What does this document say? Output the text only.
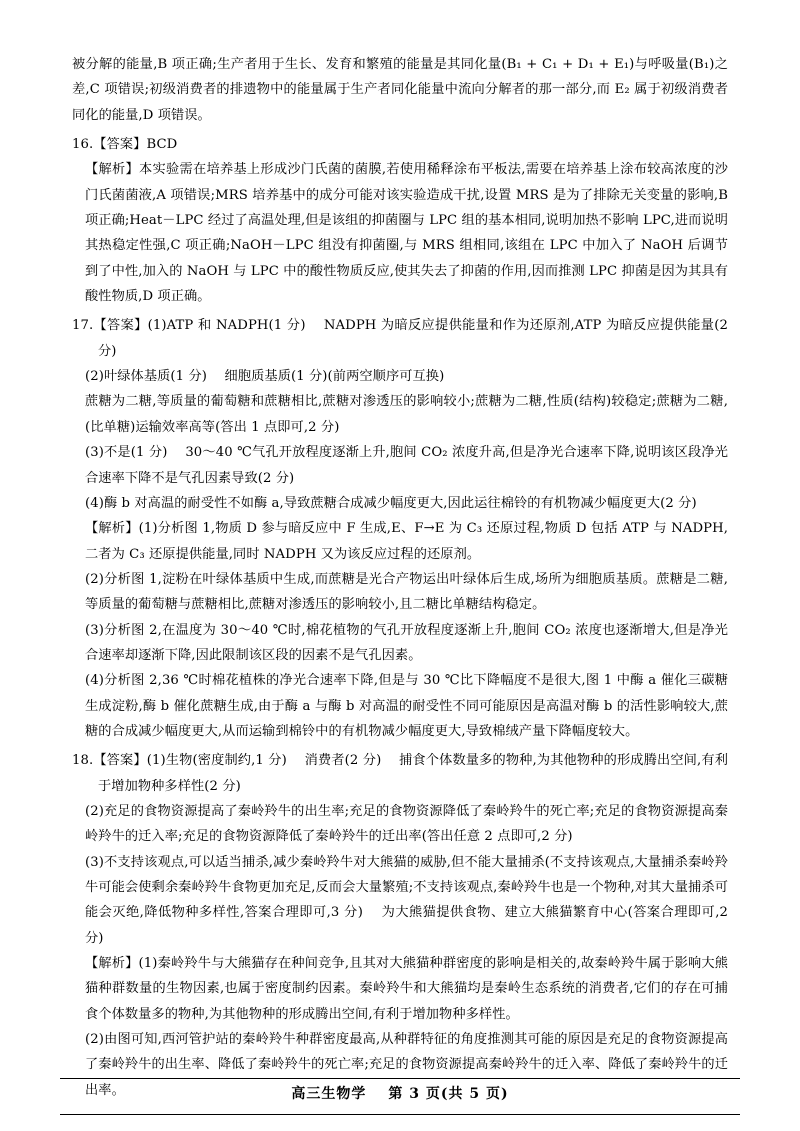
被分解的能量,B 项正确;生产者用于生长、发育和繁殖的能量是其同化量(B₁ + C₁ + D₁ + E₁)与呼吸量(B₁)之差,C 项错误;初级消费者的排遗物中的能量属于生产者同化能量中流向分解者的那一部分,而 E₂ 属于初级消费者同化的能量,D 项错误。

16.【答案】BCD

【解析】本实验需在培养基上形成沙门氏菌的菌膜,若使用稀释涂布平板法,需要在培养基上涂布较高浓度的沙门氏菌菌液,A 项错误;MRS 培养基中的成分可能对该实验造成干扰,设置 MRS 是为了排除无关变量的影响,B 项正确;Heat－LPC 经过了高温处理,但是该组的抑菌圈与 LPC 组的基本相同,说明加热不影响 LPC,进而说明其热稳定性强,C 项正确;NaOH－LPC 组没有抑菌圈,与 MRS 组相同,该组在 LPC 中加入了 NaOH 后调节到了中性,加入的 NaOH 与 LPC 中的酸性物质反应,使其失去了抑菌的作用,因而推测 LPC 抑菌是因为其具有酸性物质,D 项正确。

17.【答案】(1)ATP 和 NADPH(1 分)　 NADPH 为暗反应提供能量和作为还原剂,ATP 为暗反应提供能量(2 分)

(2)叶绿体基质(1 分)　 细胞质基质(1 分)(前两空顺序可互换)

蔗糖为二糖,等质量的葡萄糖和蔗糖相比,蔗糖对渗透压的影响较小;蔗糖为二糖,性质(结构)较稳定;蔗糖为二糖,(比单糖)运输效率高等(答出 1 点即可,2 分)

(3)不是(1 分)　 30～40 ℃气孔开放程度逐渐上升,胞间 CO₂ 浓度升高,但是净光合速率下降,说明该区段净光合速率下降不是气孔因素导致(2 分)

(4)酶 b 对高温的耐受性不如酶 a,导致蔗糖合成减少幅度更大,因此运往棉铃的有机物减少幅度更大(2 分)

【解析】(1)分析图 1,物质 D 参与暗反应中 F 生成,E、F→E 为 C₃ 还原过程,物质 D 包括 ATP 与 NADPH,二者为 C₃ 还原提供能量,同时 NADPH 又为该反应过程的还原剂。

(2)分析图 1,淀粉在叶绿体基质中生成,而蔗糖是光合产物运出叶绿体后生成,场所为细胞质基质。蔗糖是二糖,等质量的葡萄糖与蔗糖相比,蔗糖对渗透压的影响较小,且二糖比单糖结构稳定。

(3)分析图 2,在温度为 30～40 ℃时,棉花植物的气孔开放程度逐渐上升,胞间 CO₂ 浓度也逐渐增大,但是净光合速率却逐渐下降,因此限制该区段的因素不是气孔因素。

(4)分析图 2,36 ℃时棉花植株的净光合速率下降,但是与 30 ℃比下降幅度不是很大,图 1 中酶 a 催化三碳糖生成淀粉,酶 b 催化蔗糖生成,由于酶 a 与酶 b 对高温的耐受性不同可能原因是高温对酶 b 的活性影响较大,蔗糖的合成减少幅度更大,从而运输到棉铃中的有机物减少幅度更大,导致棉绒产量下降幅度较大。

18.【答案】(1)生物(密度制约,1 分)　 消费者(2 分)　 捕食个体数量多的物种,为其他物种的形成腾出空间,有利于增加物种多样性(2 分)

(2)充足的食物资源提高了秦岭羚牛的出生率;充足的食物资源降低了秦岭羚牛的死亡率;充足的食物资源提高秦岭羚牛的迁入率;充足的食物资源降低了秦岭羚牛的迁出率(答出任意 2 点即可,2 分)

(3)不支持该观点,可以适当捕杀,减少秦岭羚牛对大熊猫的威胁,但不能大量捕杀(不支持该观点,大量捕杀秦岭羚牛可能会使剩余秦岭羚牛食物更加充足,反而会大量繁殖;不支持该观点,秦岭羚牛也是一个物种,对其大量捕杀可能会灭绝,降低物种多样性,答案合理即可,3 分)　 为大熊猫提供食物、建立大熊猫繁育中心(答案合理即可,2 分)

【解析】(1)秦岭羚牛与大熊猫存在种间竞争,且其对大熊猫种群密度的影响是相关的,故秦岭羚牛属于影响大熊猫种群数量的生物因素,也属于密度制约因素。秦岭羚牛和大熊猫均是秦岭生态系统的消费者,它们的存在可捕食个体数量多的物种,为其他物种的形成腾出空间,有利于增加物种多样性。

(2)由图可知,西河管护站的秦岭羚牛种群密度最高,从种群特征的角度推测其可能的原因是充足的食物资源提高了秦岭羚牛的出生率、降低了秦岭羚牛的死亡率;充足的食物资源提高秦岭羚牛的迁入率、降低了秦岭羚牛的迁出率。	高三生物学 第 3 页(共 5 页)
